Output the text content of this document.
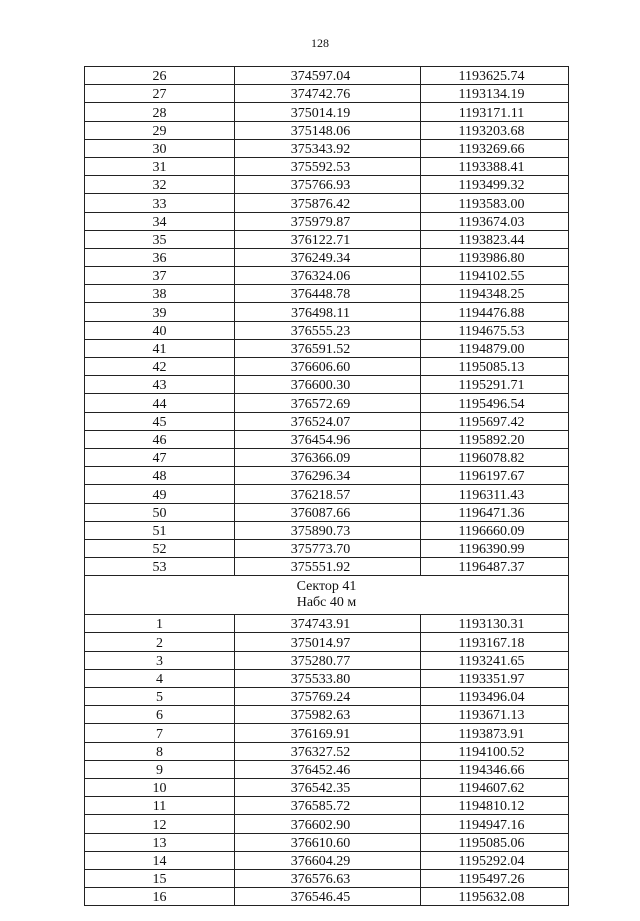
128
26	374597.04	1193625.74
27	374742.76	1193134.19
28	375014.19	1193171.11
29	375148.06	1193203.68
30	375343.92	1193269.66
31	375592.53	1193388.41
32	375766.93	1193499.32
33	375876.42	1193583.00
34	375979.87	1193674.03
35	376122.71	1193823.44
36	376249.34	1193986.80
37	376324.06	1194102.55
38	376448.78	1194348.25
39	376498.11	1194476.88
40	376555.23	1194675.53
41	376591.52	1194879.00
42	376606.60	1195085.13
43	376600.30	1195291.71
44	376572.69	1195496.54
45	376524.07	1195697.42
46	376454.96	1195892.20
47	376366.09	1196078.82
48	376296.34	1196197.67
49	376218.57	1196311.43
50	376087.66	1196471.36
51	375890.73	1196660.09
52	375773.70	1196390.99
53	375551.92	1196487.37

Сектор 41
Набс 40 м		

1	374743.91	1193130.31
2	375014.97	1193167.18
3	375280.77	1193241.65
4	375533.80	1193351.97
5	375769.24	1193496.04
6	375982.63	1193671.13
7	376169.91	1193873.91
8	376327.52	1194100.52
9	376452.46	1194346.66
10	376542.35	1194607.62
11	376585.72	1194810.12
12	376602.90	1194947.16
13	376610.60	1195085.06
14	376604.29	1195292.04
15	376576.63	1195497.26
16	376546.45	1195632.08
